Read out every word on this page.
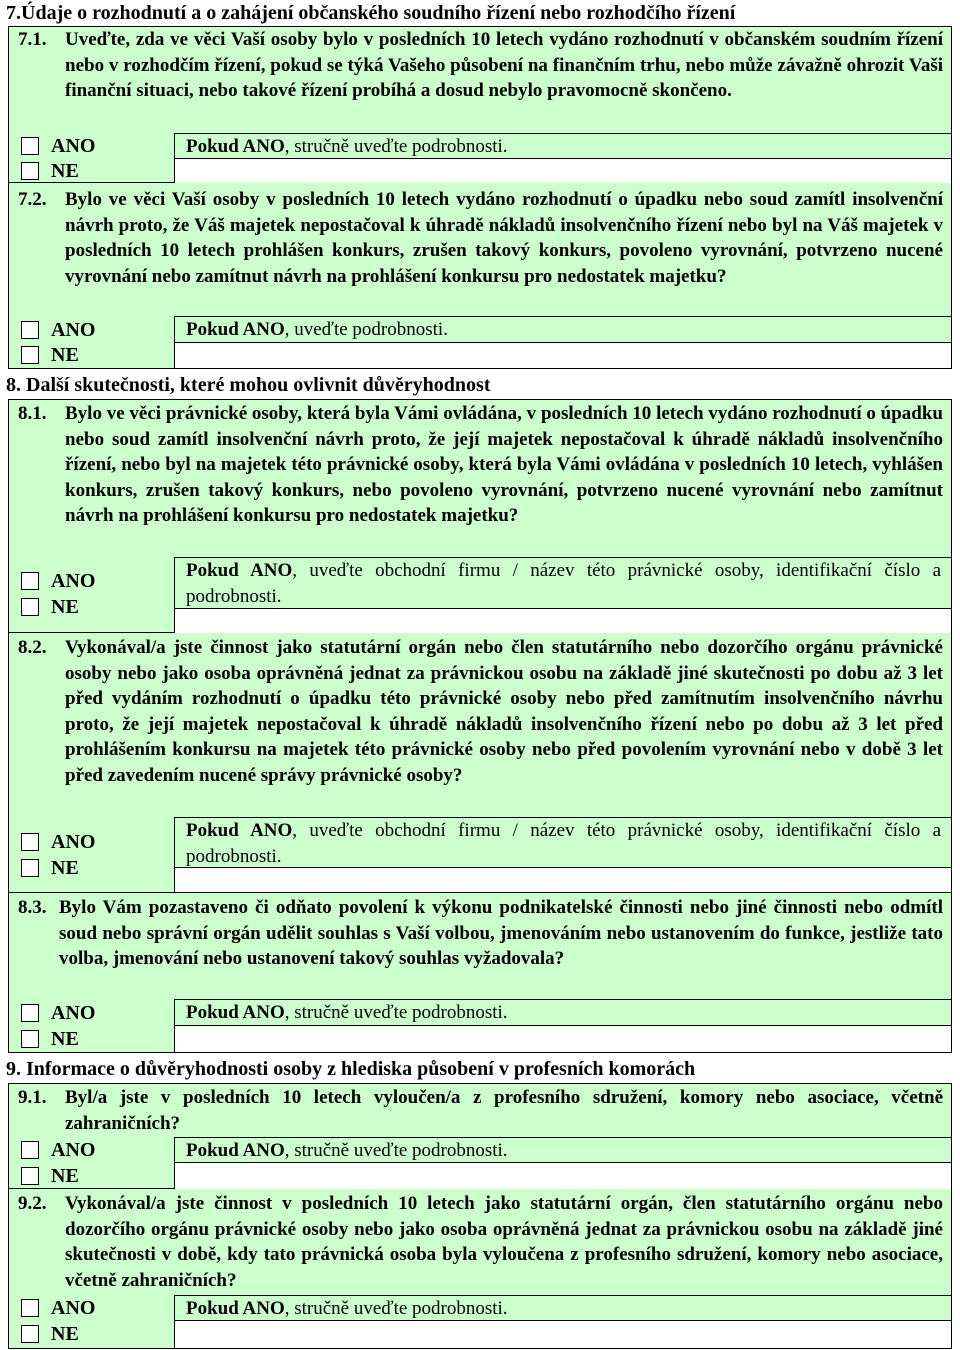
7.Údaje o rozhodnutí a o zahájení občanského soudního řízení nebo rozhodčího řízení
7.1. Uveďte, zda ve věci Vaší osoby bylo v posledních 10 letech vydáno rozhodnutí v občanském soudním řízení nebo v rozhodčím řízení, pokud se týká Vašeho působení na finančním trhu, nebo může závažně ohrozit Vaši finanční situaci, nebo takové řízení probíhá a dosud nebylo pravomocně skončeno.
ANO
NE
Pokud ANO, stručně uveďte podrobnosti.
7.2. Bylo ve věci Vaší osoby v posledních 10 letech vydáno rozhodnutí o úpadku nebo soud zamítl insolvenční návrh proto, že Váš majetek nepostačoval k úhradě nákladů insolvenčního řízení nebo byl na Váš majetek v posledních 10 letech prohlášen konkurs, zrušen takový konkurs, povoleno vyrovnání, potvrzeno nucené vyrovnání nebo zamítnut návrh na prohlášení konkursu pro nedostatek majetku?
ANO
NE
Pokud ANO, uveďte podrobnosti.
8. Další skutečnosti, které mohou ovlivnit důvěryhodnost
8.1. Bylo ve věci právnické osoby, která byla Vámi ovládána, v posledních 10 letech vydáno rozhodnutí o úpadku nebo soud zamítl insolvenční návrh proto, že její majetek nepostačoval k úhradě nákladů insolvenčního řízení, nebo byl na majetek této právnické osoby, která byla Vámi ovládána v posledních 10 letech, vyhlášen konkurs, zrušen takový konkurs, nebo povoleno vyrovnání, potvrzeno nucené vyrovnání nebo zamítnut návrh na prohlášení konkursu pro nedostatek majetku?
ANO
NE
Pokud ANO, uveďte obchodní firmu / název této právnické osoby, identifikační číslo a podrobnosti.
8.2. Vykonával/a jste činnost jako statutární orgán nebo člen statutárního nebo dozorčího orgánu právnické osoby nebo jako osoba oprávněná jednat za právnickou osobu na základě jiné skutečnosti po dobu až 3 let před vydáním rozhodnutí o úpadku této právnické osoby nebo před zamítnutím insolvenčního návrhu proto, že její majetek nepostačoval k úhradě nákladů insolvenčního řízení nebo po dobu až 3 let před prohlášením konkursu na majetek této právnické osoby nebo před povolením vyrovnání nebo v době 3 let před zavedením nucené správy právnické osoby?
ANO
NE
Pokud ANO, uveďte obchodní firmu / název této právnické osoby, identifikační číslo a podrobnosti.
8.3. Bylo Vám pozastaveno či odňato povolení k výkonu podnikatelské činnosti nebo jiné činnosti nebo odmítl soud nebo správní orgán udělit souhlas s Vaší volbou, jmenováním nebo ustanovením do funkce, jestliže tato volba, jmenování nebo ustanovení takový souhlas vyžadovala?
ANO
NE
Pokud ANO, stručně uveďte podrobnosti.
9. Informace o důvěryhodnosti osoby z hlediska působení v profesních komorách
9.1. Byl/a jste v posledních 10 letech vyloučen/a z profesního sdružení, komory nebo asociace, včetně zahraničních?
ANO
NE
Pokud ANO, stručně uveďte podrobnosti.
9.2. Vykonával/a jste činnost v posledních 10 letech jako statutární orgán, člen statutárního orgánu nebo dozorčího orgánu právnické osoby nebo jako osoba oprávněná jednat za právnickou osobu na základě jiné skutečnosti v době, kdy tato právnická osoba byla vyloučena z profesního sdružení, komory nebo asociace, včetně zahraničních?
ANO
NE
Pokud ANO, stručně uveďte podrobnosti.
